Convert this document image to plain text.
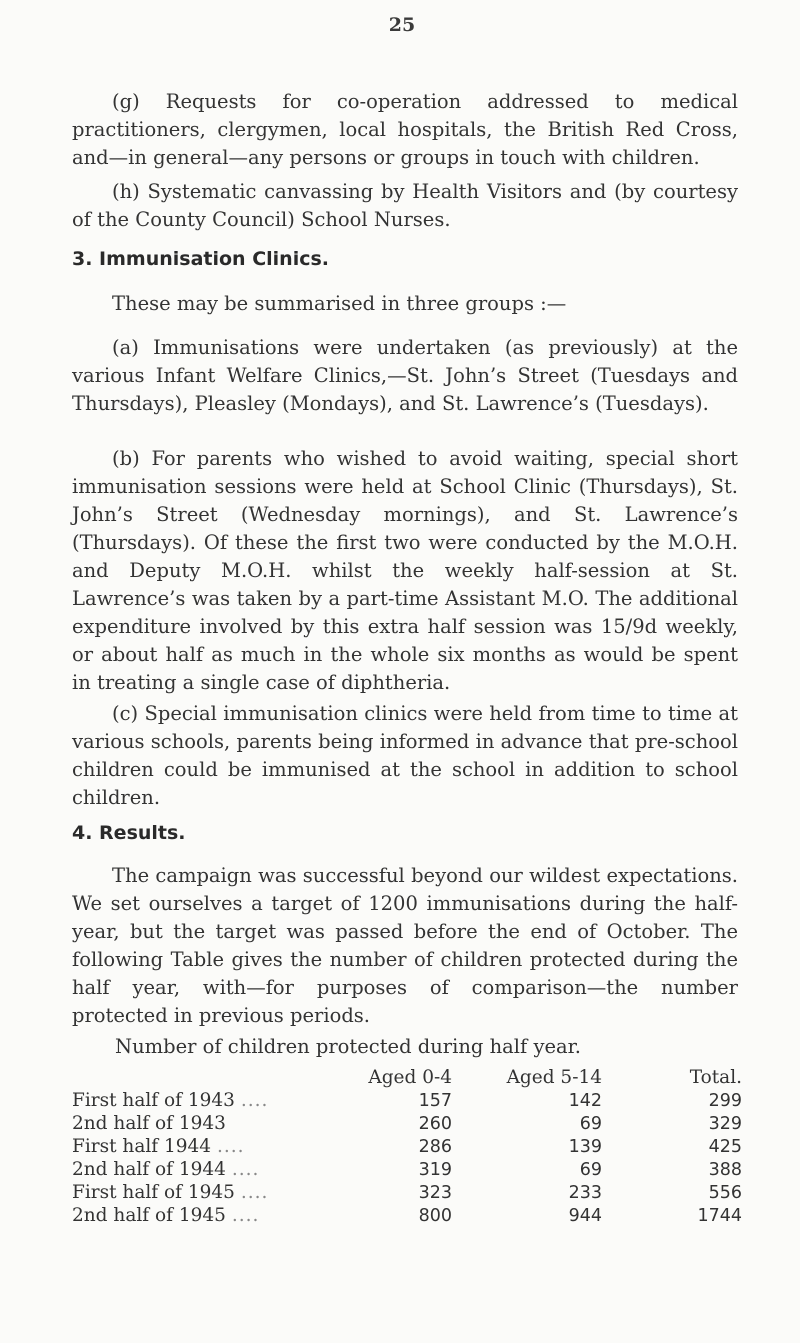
25

(g) Requests for co-operation addressed to medical practitioners, clergymen, local hospitals, the British Red Cross, and—in general—any persons or groups in touch with children.

(h) Systematic canvassing by Health Visitors and (by courtesy of the County Council) School Nurses.

3. Immunisation Clinics.

These may be summarised in three groups :—

(a) Immunisations were undertaken (as previously) at the various Infant Welfare Clinics,—St. John’s Street (Tuesdays and Thursdays), Pleasley (Mondays), and St. Lawrence’s (Tuesdays).

(b) For parents who wished to avoid waiting, special short immunisation sessions were held at School Clinic (Thursdays), St. John’s Street (Wednesday mornings), and St. Lawrence’s (Thursdays). Of these the first two were conducted by the M.O.H. and Deputy M.O.H. whilst the weekly half-session at St. Lawrence’s was taken by a part-time Assistant M.O. The additional expenditure involved by this extra half session was 15/9d weekly, or about half as much in the whole six months as would be spent in treating a single case of diphtheria.

(c) Special immunisation clinics were held from time to time at various schools, parents being informed in advance that pre-school children could be immunised at the school in addition to school children.

4. Results.

The campaign was successful beyond our wildest expectations. We set ourselves a target of 1200 immunisations during the half-year, but the target was passed before the end of October. The following Table gives the number of children protected during the half year, with—for purposes of comparison—the number protected in previous periods.

Number of children protected during half year.

	Aged 0-4	Aged 5-14	Total.
First half of 1943 ....	157	142	299
2nd half of 1943	260	69	329
First half 1944 ....	286	139	425
2nd half of 1944 ....	319	69	388
First half of 1945 ....	323	233	556
2nd half of 1945 ....	800	944	1744
